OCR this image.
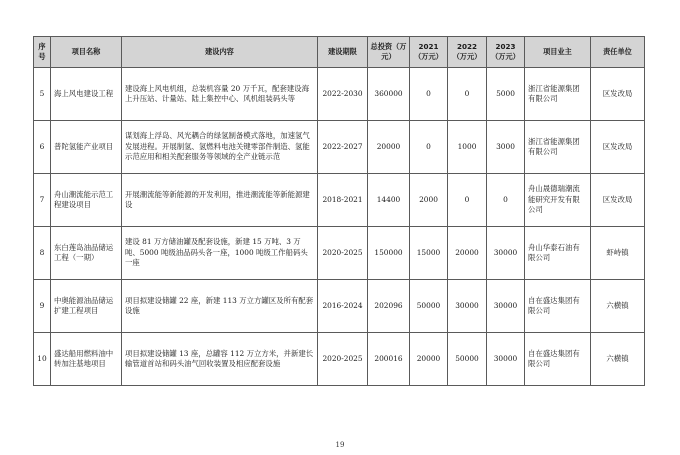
序号	项目名称	建设内容	建设期限	总投资（万元）	2021（万元）	2022（万元）	2023（万元）	项目业主	责任单位
5	海上风电建设工程	建设海上风电机组，总装机容量 20 万千瓦，配套建设海上升压站、计量站、陆上集控中心、风机组装码头等	2022-2030	360000	0	0	5000	浙江省能源集团有限公司	区发改局
6	普陀氢能产业项目	谋划海上浮岛、风光耦合的绿氢制备模式落地，加速氢气发展进程。开展制氢、氢燃料电池关键零部件制造、氢能示范应用和相关配套服务等领域的全产业链示范	2022-2027	20000	0	1000	3000	浙江省能源集团有限公司	区发改局
7	舟山潮流能示范工程建设项目	开展潮流能等新能源的开发利用，推进潮流能等新能源建设	2018-2021	14400	2000	0	0	舟山晟德瑞潮流能研究开发有限公司	区发改局
8	东白莲岛油品储运工程（一期）	建设 81 万方储油罐及配套设施，新建 15 万吨、3 万吨、5000 吨级油品码头各一座，1000 吨级工作船码头一座	2020-2025	150000	15000	20000	30000	舟山华泰石油有限公司	虾峙镇
9	中奥能源油品储运扩建工程项目	项目拟建设储罐 22 座，新建 113 万立方罐区及所有配套设施	2016-2024	202096	50000	30000	30000	自在盛达集团有限公司	六横镇
10	盛达船用燃料油中转加注基地项目	项目拟建设储罐 13 座，总罐容 112 万立方米，并新建长输管道首站和码头油气回收装置及相应配套设施	2020-2025	200016	20000	50000	30000	自在盛达集团有限公司	六横镇
19
